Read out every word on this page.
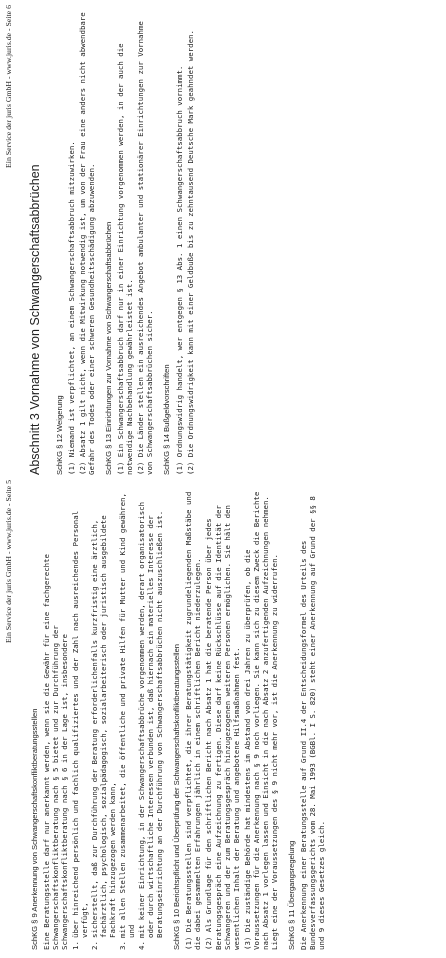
Ein Service der juris GmbH - www.juris.de - Seite 6
Abschnitt 3 Vornahme von Schwangerschaftsabbrüchen SchKG § 12 Weigerung (1) Niemand ist verpflichtet, an einem Schwangerschaftsabbruch mitzuwirken. (2) Absatz 1 gilt nicht, wenn die Mitwirkung notwendig ist, um von der Frau eine anders nicht abwendbare Gefahr des Todes oder einer schweren Gesundheitsschädigung abzuwenden. SchKG § 13 Einrichtungen zur Vornahme von Schwangerschaftsabbrüchen (1) Ein Schwangerschaftsabbruch darf nur in einer Einrichtung vorgenommen werden, in der auch die notwendige Nachbehandlung gewährleistet ist. (2) Die Länder stellen ein ausreichendes Angebot ambulanter und stationärer Einrichtungen zur Vornahme von Schwangerschaftsabbrüchen sicher. SchKG § 14 Bußgeldvorschriften (1) Ordnungswidrig handelt, wer entgegen § 13 Abs. 1 einen Schwangerschaftsabbruch vornimmt. (2) Die Ordnungswidrigkeit kann mit einer Geldbuße bis zu zehntausend Deutsche Mark geahndet werden.
Ein Service der juris GmbH - www.juris.de - Seite 5
SchKG § 9 Anerkennung von Schwangerschaftskonfliktberatungsstellen Eine Beratungsstelle darf nur anerkannt werden, wenn sie die Gewähr für eine fachgerechte Schwangerschaftskonfliktberatung nach § 5 bietet und zur Durchführung der Schwangerschaftskonfliktberatung nach § 6 in der Lage ist, insbesondere 1.
über hinreichend persönlich und fachlich qualifiziertes und der Zahl nach ausreichendes Personal verfügt,
2.
sicherstellt, daß zur Durchführung der Beratung erforderlichenfalls kurzfristig eine ärztlich, fachärztlich, psychologisch, sozialpädagogisch, sozialarbeiterisch oder juristisch ausgebildete Fachkraft hinzugezogen werden kann,
3.
mit allen Stellen zusammenarbeitet, die öffentliche und private Hilfen für Mutter und Kind gewähren, und
4.
mit keiner Einrichtung, in der Schwangerschaftsabbrüche vorgenommen werden, derart organisatorisch oder durch wirtschaftliche Interessen verbunden ist, daß hiernach ein materielles Interesse der Beratungseinrichtung an der Durchführung von Schwangerschaftsabbrüchen nicht auszuschließen ist. SchKG § 10 Berichtspflicht und Überprüfung der Schwangerschaftskonfliktberatungsstellen (1) Die Beratungsstellen sind verpflichtet, die ihrer Beratungstätigkeit zugrundeliegenden Maßstäbe und die dabei gesammelten Erfahrungen jährlich in einem schriftlichen Bericht niederzulegen. (2) Als Grundlage für den schriftlichen Bericht nach Absatz 1 hat die beratende Person über jedes Beratungsgespräch eine Aufzeichnung zu fertigen. Diese darf keine Rückschlüsse auf die Identität der Schwangeren und der zum Beratungsgespräch hinzugezogenen weiteren Personen ermöglichen. Sie hält den wesentlichen Inhalt der Beratung und angebotene Hilfsmaßnahmen fest. (3) Die zuständige Behörde hat mindestens im Abstand von drei Jahren zu überprüfen, ob die Voraussetzungen für die Anerkennung nach § 9 noch vorliegen. Sie kann sich zu diesem Zweck die Berichte nach Absatz 1 vorlegen lassen und Einsicht in die nach Absatz 2 anzufertigenden Aufzeichnungen nehmen. Liegt eine der Voraussetzungen des § 9 nicht mehr vor, ist die Anerkennung zu widerrufen. SchKG § 11 Übergangsregelung Die Anerkennung einer Beratungsstelle auf Grund II.4 der Entscheidungsformel des Urteils des Bundesverfassungsgerichts vom 28. Mai 1993 (BGBl. I S. 820) steht einer Anerkennung auf Grund der §§ 8 und 9 dieses Gesetzes gleich.
